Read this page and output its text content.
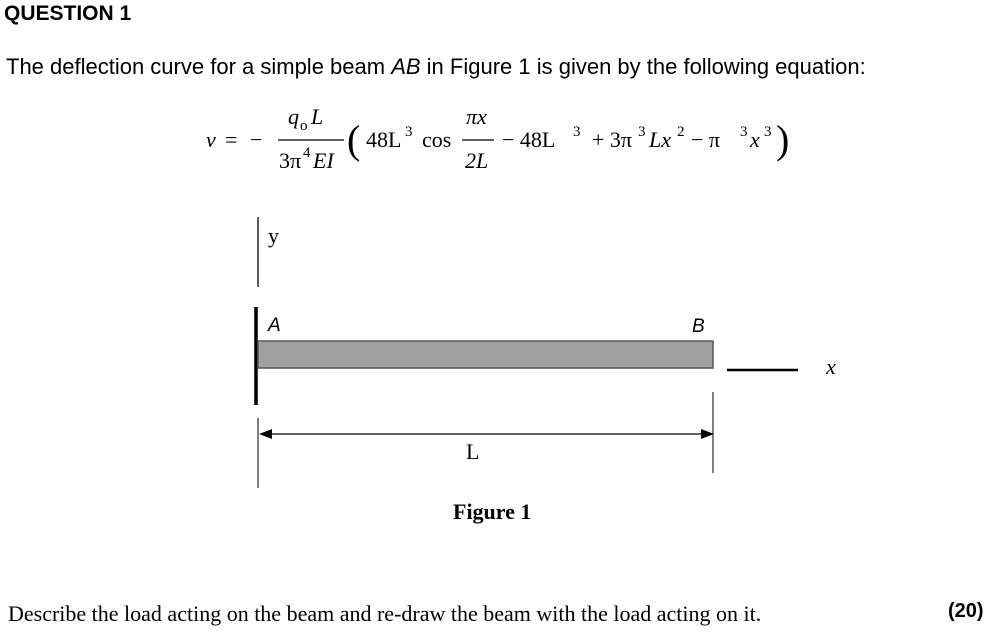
QUESTION 1
The deflection curve for a simple beam AB in Figure 1 is given by the following equation:
v = −
q o L
3π 4 EI ( 48L 3 cos
πx
2L
− 48L 3 + 3π 3 Lx 2 − π 3 x 3 )
y
A	B
x
L
Figure 1
Describe the load acting on the beam and re-draw the beam with the load acting on it.	(20)
